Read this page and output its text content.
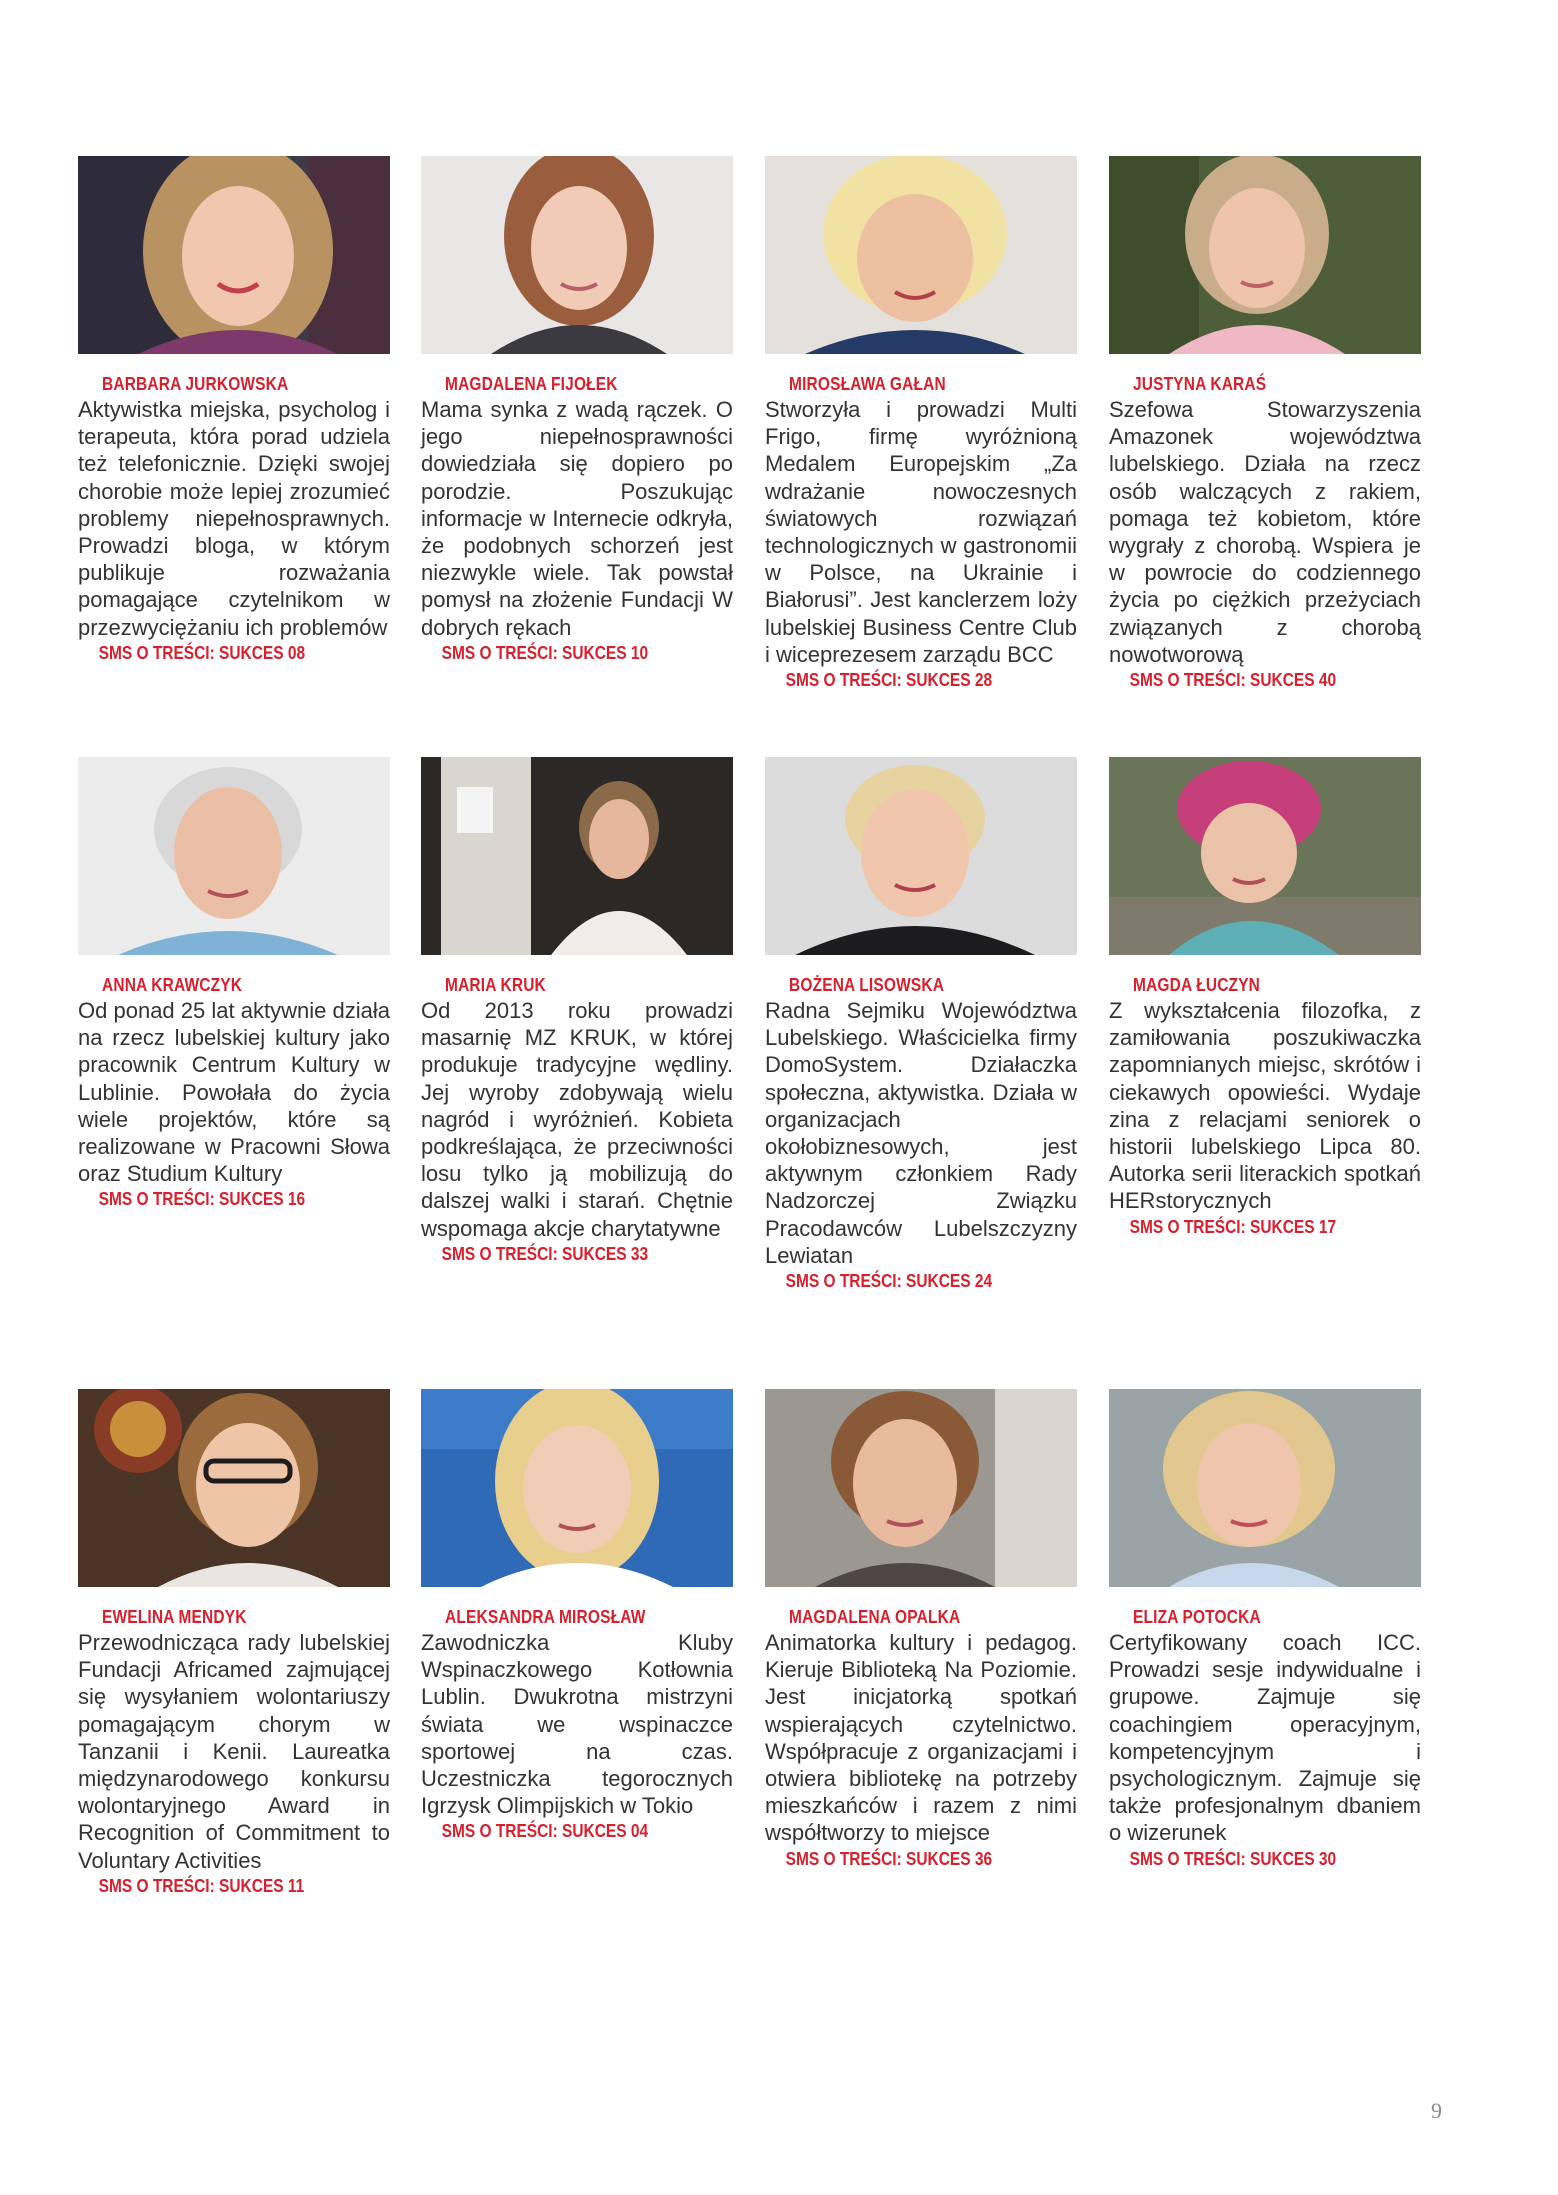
BARBARA JURKOWSKA

Aktywistka miejska, psycholog i terapeuta, która porad udziela też telefonicznie. Dzięki swojej chorobie może lepiej zrozumieć problemy niepełnosprawnych. Prowadzi bloga, w którym publikuje rozważania pomagające czytelnikom w przezwyciężaniu ich problemów
SMS O TREŚCI: SUKCES 08

MAGDALENA FIJOŁEK

Mama synka z wadą rączek. O jego niepełnosprawności dowiedziała się dopiero po porodzie. Poszukując informacje w Internecie odkryła, że podobnych schorzeń jest niezwykle wiele. Tak powstał pomysł na złożenie Fundacji W dobrych rękach
SMS O TREŚCI: SUKCES 10

MIROSŁAWA GAŁAN

Stworzyła i prowadzi Multi Frigo, firmę wyróżnioną Medalem Europejskim „Za wdrażanie nowoczesnych światowych rozwiązań technologicznych w gastronomii w Polsce, na Ukrainie i Białorusi”. Jest kanclerzem loży lubelskiej Business Centre Club i wiceprezesem zarządu BCC
SMS O TREŚCI: SUKCES 28

JUSTYNA KARAŚ

Szefowa Stowarzyszenia Amazonek województwa lubelskiego. Działa na rzecz osób walczących z rakiem, pomaga też kobietom, które wygrały z chorobą. Wspiera je w powrocie do codziennego życia po ciężkich przeżyciach związanych z chorobą nowotworową
SMS O TREŚCI: SUKCES 40

ANNA KRAWCZYK

Od ponad 25 lat aktywnie działa na rzecz lubelskiej kultury jako pracownik Centrum Kultury w Lublinie. Powołała do życia wiele projektów, które są realizowane w Pracowni Słowa oraz Studium Kultury
SMS O TREŚCI: SUKCES 16

MARIA KRUK

Od 2013 roku prowadzi masarnię MZ KRUK, w której produkuje tradycyjne wędliny. Jej wyroby zdobywają wielu nagród i wyróżnień. Kobieta podkreślająca, że przeciwności losu tylko ją mobilizują do dalszej walki i starań. Chętnie wspomaga akcje charytatywne
SMS O TREŚCI: SUKCES 33

BOŻENA LISOWSKA

Radna Sejmiku Województwa Lubelskiego. Właścicielka firmy DomoSystem. Działaczka społeczna, aktywistka. Działa w organizacjach okołobiznesowych, jest aktywnym członkiem Rady Nadzorczej Związku Pracodawców Lubelszczyzny Lewiatan
SMS O TREŚCI: SUKCES 24

MAGDA ŁUCZYN

Z wykształcenia filozofka, z zamiłowania poszukiwaczka zapomnianych miejsc, skrótów i ciekawych opowieści. Wydaje zina z relacjami seniorek o historii lubelskiego Lipca 80. Autorka serii literackich spotkań HERstorycznych
SMS O TREŚCI: SUKCES 17

EWELINA MENDYK

Przewodnicząca rady lubelskiej Fundacji Africamed zajmującej się wysyłaniem wolontariuszy pomagającym chorym w Tanzanii i Kenii. Laureatka międzynarodowego konkursu wolontaryjnego Award in Recognition of Commitment to Voluntary Activities
SMS O TREŚCI: SUKCES 11

ALEKSANDRA MIROSŁAW

Zawodniczka Kluby Wspinaczkowego Kotłownia Lublin. Dwukrotna mistrzyni świata we wspinaczce sportowej na czas. Uczestniczka tegorocznych Igrzysk Olimpijskich w Tokio
SMS O TREŚCI: SUKCES 04

MAGDALENA OPALKA

Animatorka kultury i pedagog. Kieruje Biblioteką Na Poziomie. Jest inicjatorką spotkań wspierających czytelnictwo. Współpracuje z organizacjami i otwiera bibliotekę na potrzeby mieszkańców i razem z nimi współtworzy to miejsce
SMS O TREŚCI: SUKCES 36

ELIZA POTOCKA

Certyfikowany coach ICC. Prowadzi sesje indywidualne i grupowe. Zajmuje się coachingiem operacyjnym, kompetencyjnym i psychologicznym. Zajmuje się także profesjonalnym dbaniem o wizerunek
SMS O TREŚCI: SUKCES 30

9
